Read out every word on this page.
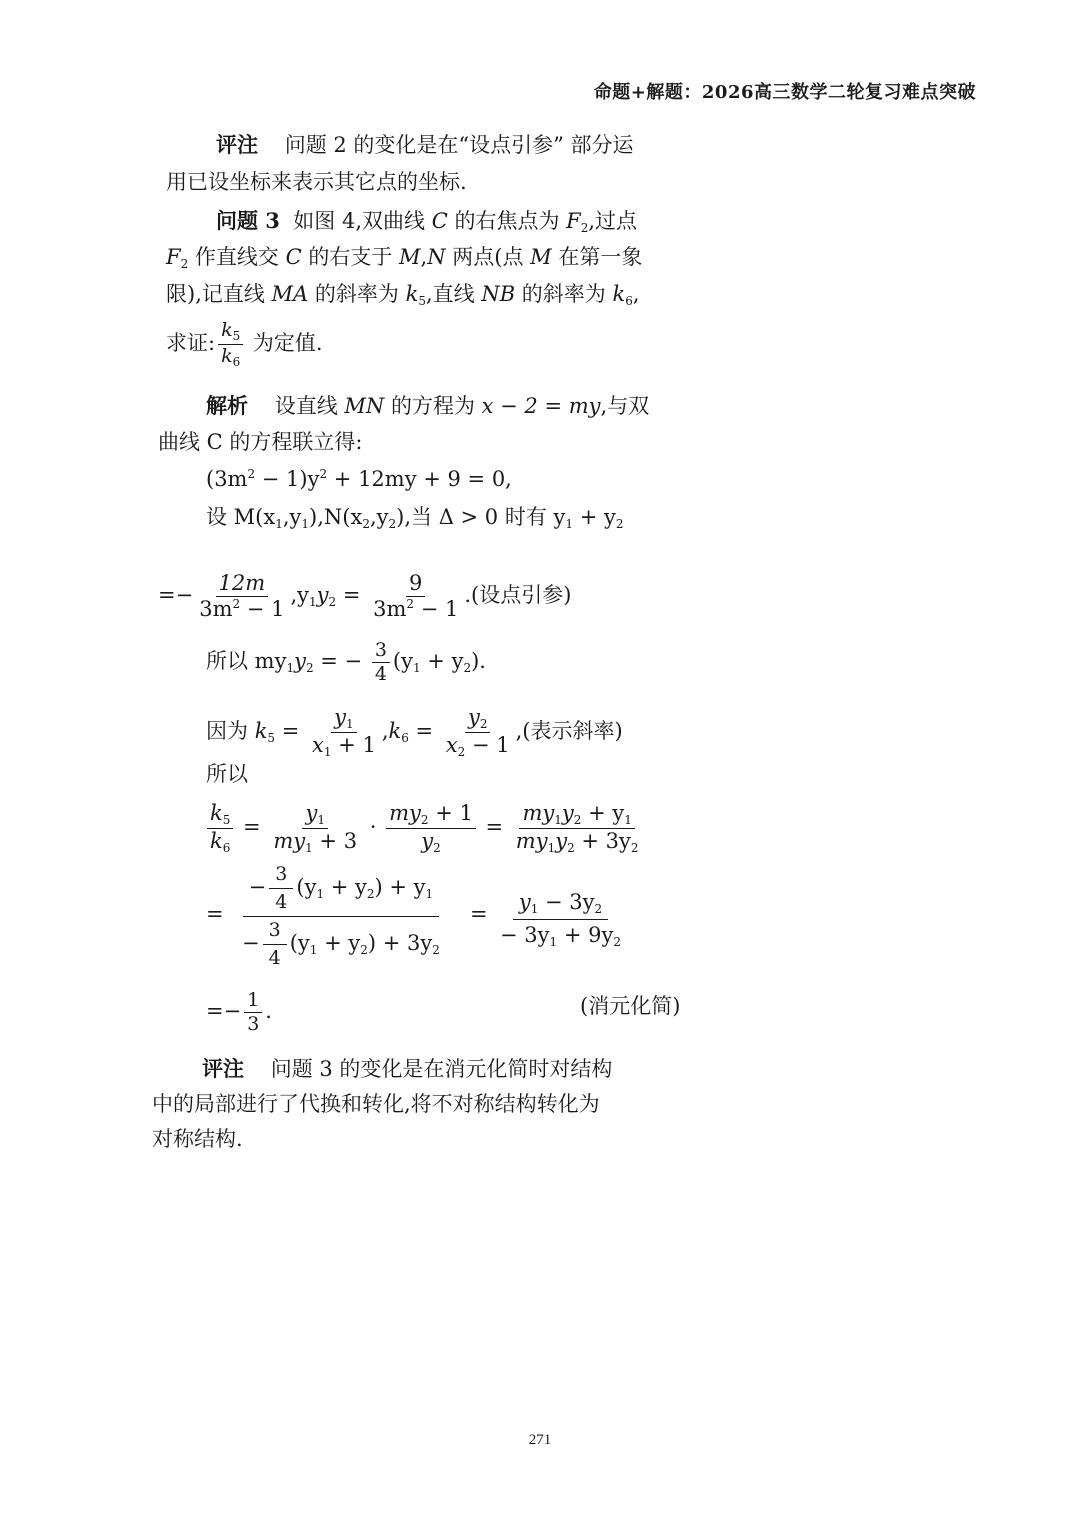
命题+解题：2026高三数学二轮复习难点突破
评注 问题 2 的变化是在“设点引参” 部分运
用已设坐标来表示其它点的坐标.
问题 3 如图 4,双曲线 C 的右焦点为 $F_2$,过点
$F_2$ 作直线交 C 的右支于 M,N 两点(点 M 在第一象
限),记直线 MA 的斜率为 $k_5$,直线 NB 的斜率为 $k_6$,
求证: $\frac{k_5}{k_6}$ 为定值.
解析 设直线 MN 的方程为 x − 2 = my,与双
曲线 C 的方程联立得:
$(3m^2 - 1)y^2 + 12my + 9 = 0$,
设 $M(x_1,y_1),N(x_2,y_2)$,当 Δ > 0 时有 $y_1 + y_2$
=− $\frac{12m}{3m^2 - 1} ,y_1y_2 = \frac{9}{3m^2 - 1}$ .(设点引参)
所以 $my_1y_2$ = − $\frac{3}{4} (y_1 + y_2)$.
因为 $k_5 = \frac{y_1}{x_1 + 1} ,k_6 = \frac{y_2}{x_2 - 1}$ ,(表示斜率)
所以
$\frac{k_5}{k_6} = \frac{y_1}{my_1 + 3} \cdot \frac{my_2 + 1}{y_2} = \frac{my_1y_2 + y_1}{my_1y_2 + 3y_2}$
= $\frac{- \frac{3}{4} (y_1 + y_2) + y_1}{- \frac{3}{4} (y_1 + y_2) + 3y_2} = \frac{y_1 - 3y_2}{- 3y_1 + 9y_2}$
=− $\frac{1}{3}$ .	(消元化简)
评注 问题 3 的变化是在消元化简时对结构
中的局部进行了代换和转化,将不对称结构转化为
对称结构.
271
